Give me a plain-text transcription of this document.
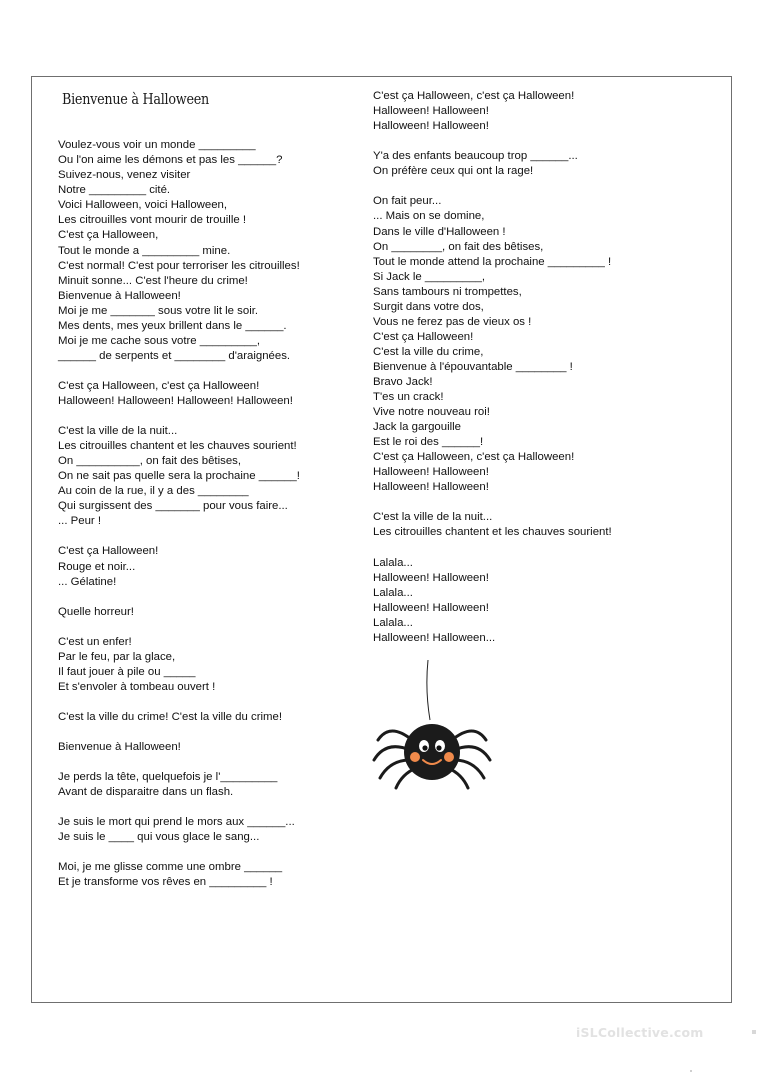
Bienvenue à Halloween

Voulez-vous voir un monde _________
Ou l'on aime les démons et pas les ______?
Suivez-nous, venez visiter
Notre _________ cité.
Voici Halloween, voici Halloween,
Les citrouilles vont mourir de trouille !
C'est ça Halloween,
Tout le monde a _________ mine.
C'est normal! C'est pour terroriser les citrouilles!
Minuit sonne... C'est l'heure du crime!
Bienvenue à Halloween!
Moi je me _______ sous votre lit le soir.
Mes dents, mes yeux brillent dans le ______.
Moi je me cache sous votre _________,
______ de serpents et ________ d'araignées.
C'est ça Halloween, c'est ça Halloween!
Halloween! Halloween! Halloween! Halloween!
C'est la ville de la nuit...
Les citrouilles chantent et les chauves sourient!
On __________, on fait des bêtises,
On ne sait pas quelle sera la prochaine ______!
Au coin de la rue, il y a des ________
Qui surgissent des _______ pour vous faire...
... Peur !
C'est ça Halloween!
Rouge et noir...
... Gélatine!
Quelle horreur!
C'est un enfer!
Par le feu, par la glace,
Il faut jouer à pile ou _____
Et s'envoler à tombeau ouvert !
C'est la ville du crime! C'est la ville du crime!
Bienvenue à Halloween!
Je perds la tête, quelquefois je l'_________
Avant de disparaitre dans un flash.
Je suis le mort qui prend le mors aux ______...
Je suis le ____ qui vous glace le sang...
Moi, je me glisse comme une ombre ______
Et je transforme vos rêves en _________ !

C'est ça Halloween, c'est ça Halloween!
Halloween! Halloween!
Halloween! Halloween!
Y'a des enfants beaucoup trop ______...
On préfère ceux qui ont la rage!
On fait peur...
... Mais on se domine,
Dans le ville d'Halloween !
On ________, on fait des bêtises,
Tout le monde attend la prochaine _________ !
Si Jack le _________,
Sans tambours ni trompettes,
Surgit dans votre dos,
Vous ne ferez pas de vieux os !
C'est ça Halloween!
C'est la ville du crime,
Bienvenue à l'épouvantable ________ !
Bravo Jack!
T'es un crack!
Vive notre nouveau roi!
Jack la gargouille
Est le roi des ______!
C'est ça Halloween, c'est ça Halloween!
Halloween! Halloween!
Halloween! Halloween!
C'est la ville de la nuit...
Les citrouilles chantent et les chauves sourient!
Lalala...
Halloween! Halloween!
Lalala...
Halloween! Halloween!
Lalala...
Halloween! Halloween...

iSLCollective.com
